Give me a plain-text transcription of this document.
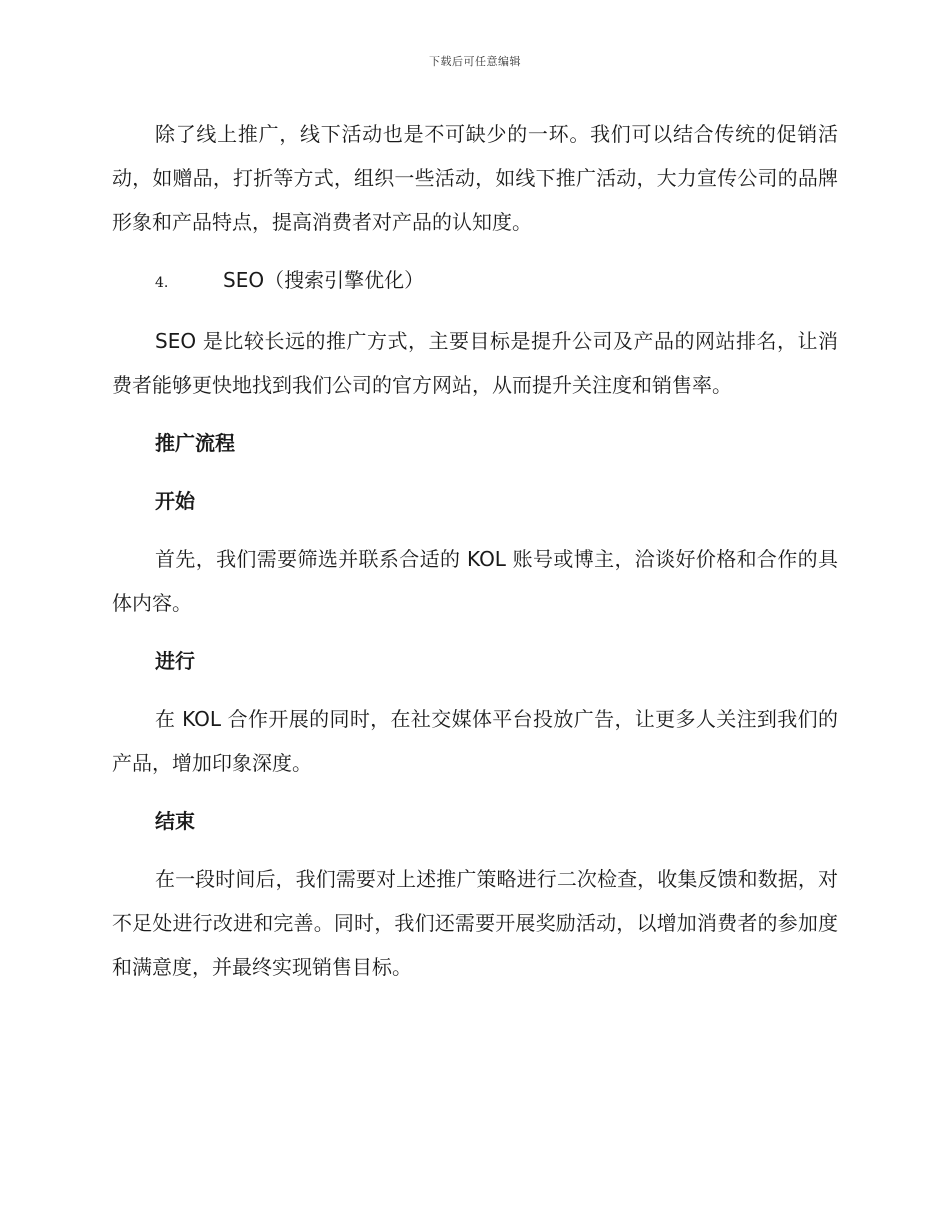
下载后可任意编辑

除了线上推广，线下活动也是不可缺少的一环。我们可以结合传统的促销活动，如赠品，打折等方式，组织一些活动，如线下推广活动，大力宣传公司的品牌形象和产品特点，提高消费者对产品的认知度。

4.	SEO（搜索引擎优化）

SEO 是比较长远的推广方式，主要目标是提升公司及产品的网站排名，让消费者能够更快地找到我们公司的官方网站，从而提升关注度和销售率。

推广流程

开始

首先，我们需要筛选并联系合适的 KOL 账号或博主，洽谈好价格和合作的具体内容。

进行

在 KOL 合作开展的同时，在社交媒体平台投放广告，让更多人关注到我们的产品，增加印象深度。

结束

在一段时间后，我们需要对上述推广策略进行二次检查，收集反馈和数据，对不足处进行改进和完善。同时，我们还需要开展奖励活动，以增加消费者的参加度和满意度，并最终实现销售目标。
